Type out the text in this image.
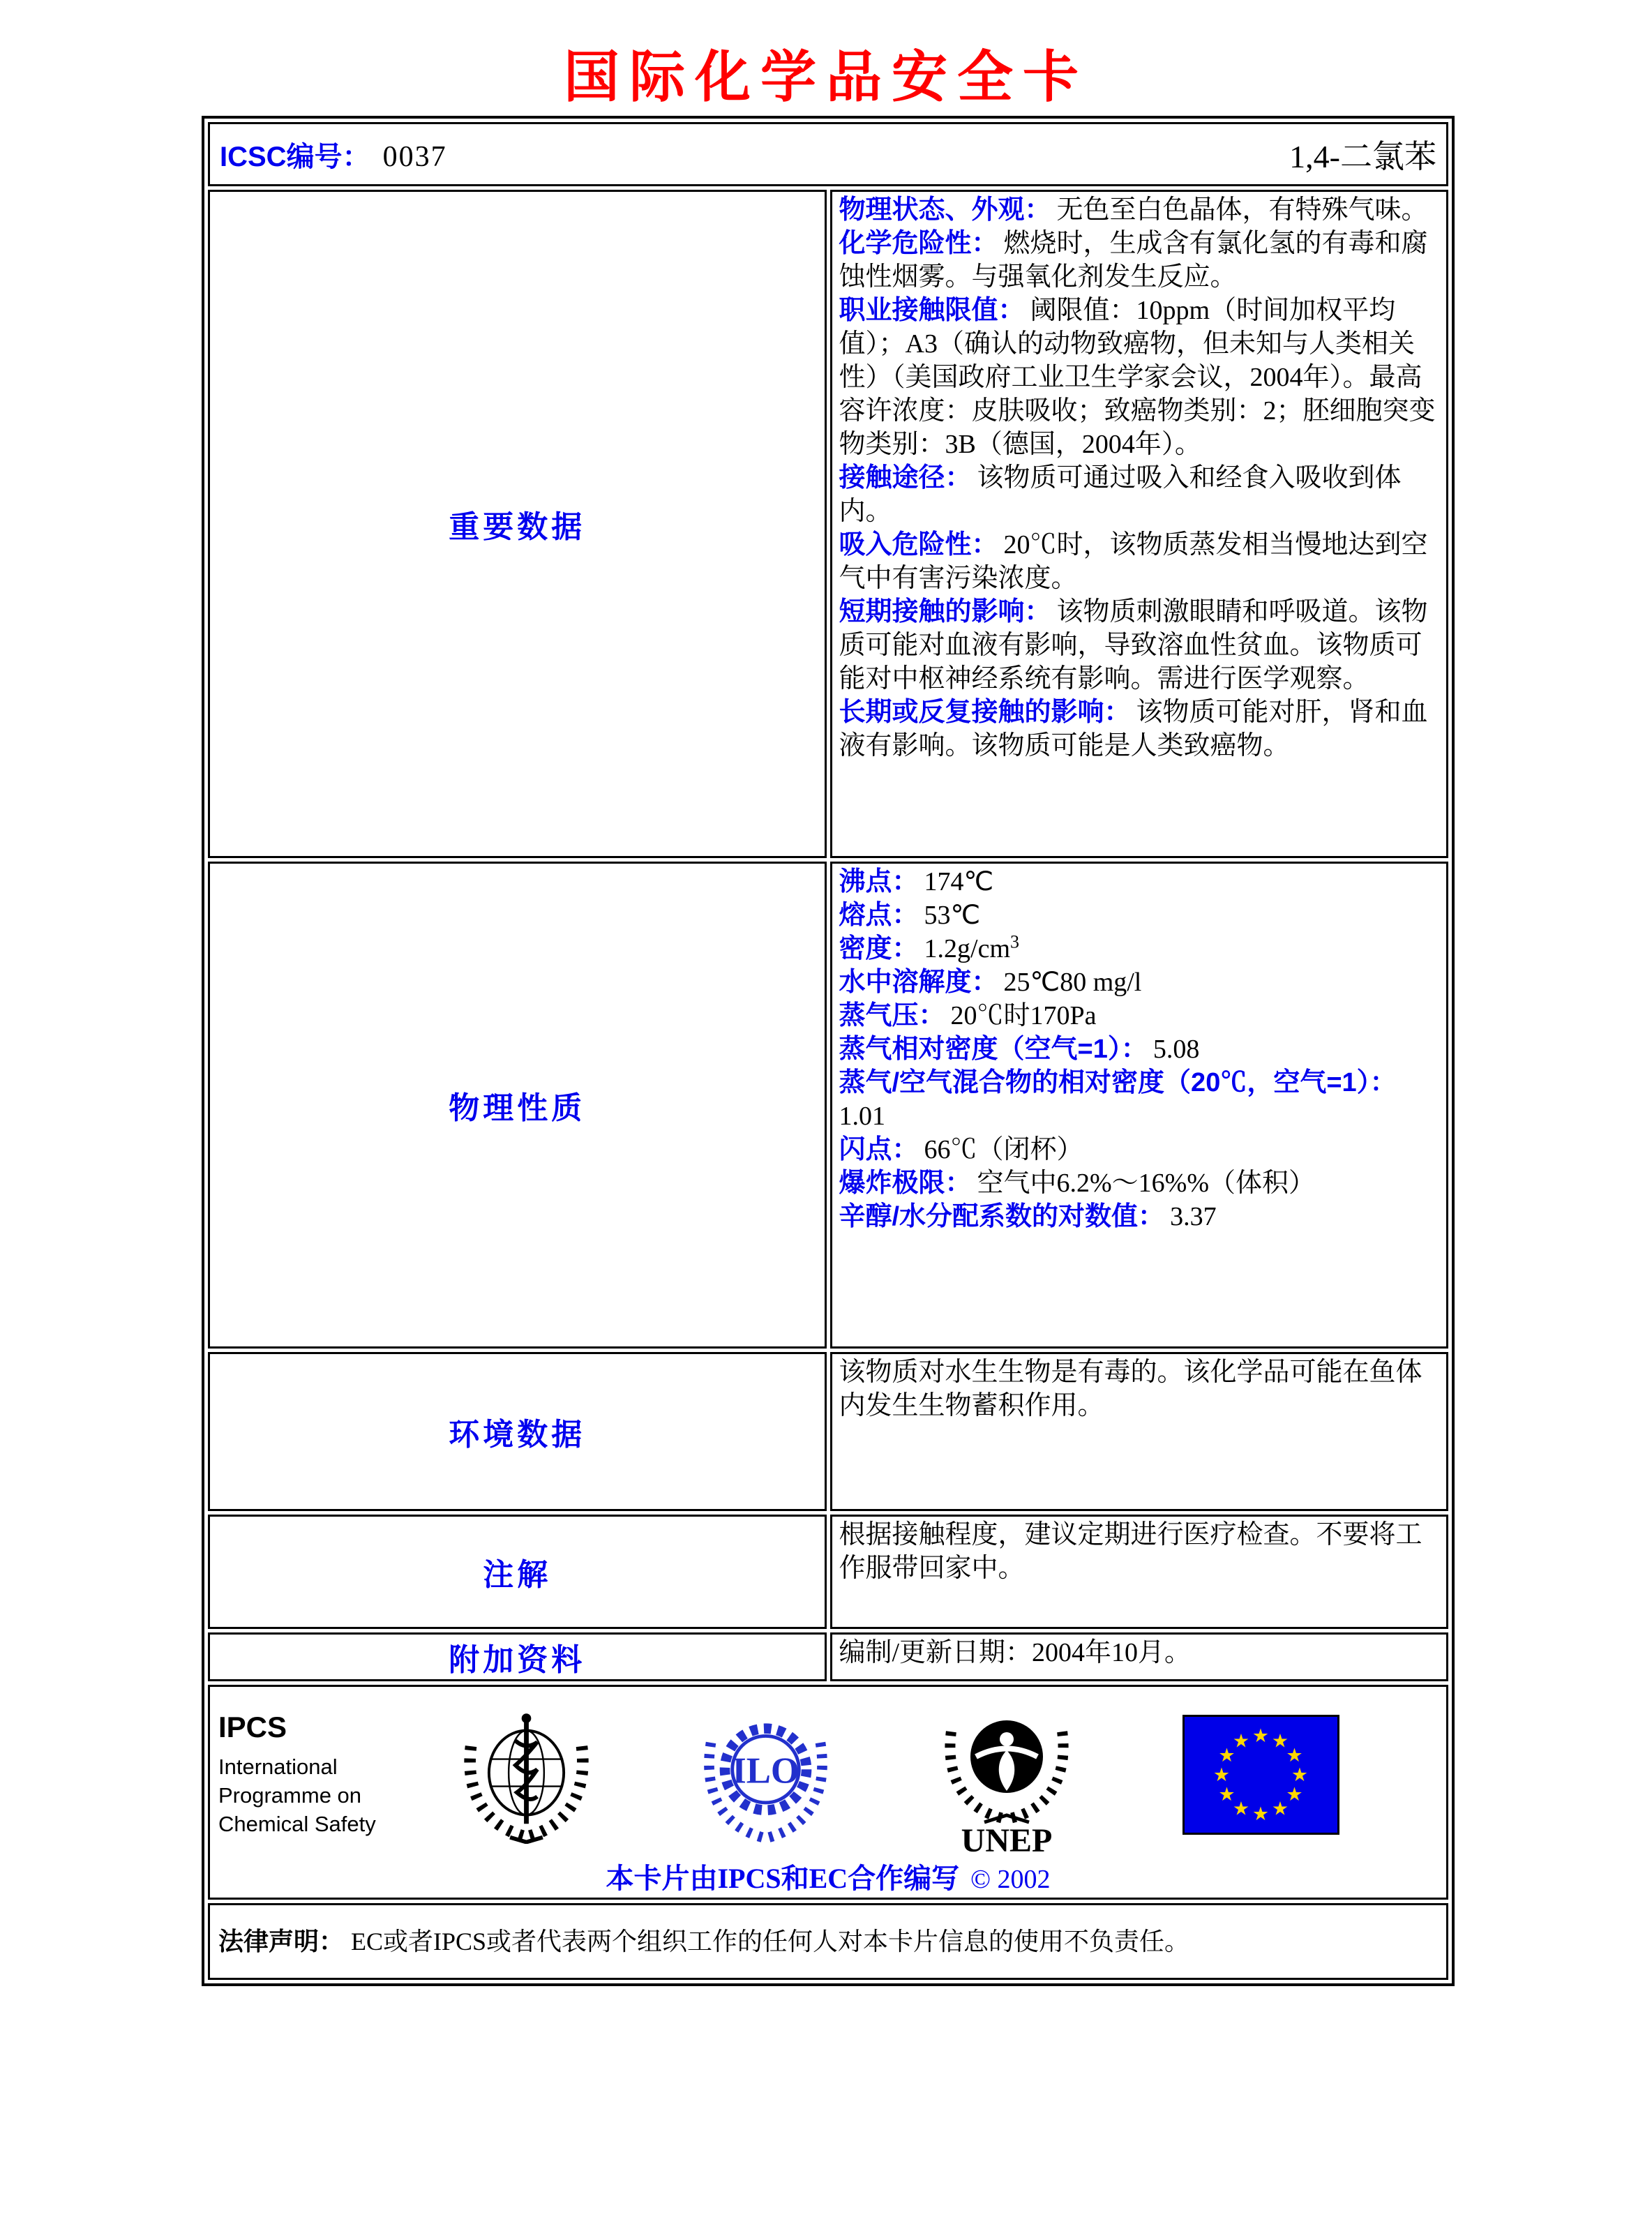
国际化学品安全卡
ICSC编号： 0037 1,4-二氯苯	

重要数据	
物理状态、外观： 无色至白色晶体，有特殊气味。
化学危险性： 燃烧时，生成含有氯化氢的有毒和腐蚀性烟雾。与强氧化剂发生反应。
职业接触限值： 阈限值：10ppm（时间加权平均值）；A3（确认的动物致癌物，但未知与人类相关性）（美国政府工业卫生学家会议，2004年）。最高容许浓度：皮肤吸收；致癌物类别：2；胚细胞突变物类别：3B（德国，2004年）。
接触途径： 该物质可通过吸入和经食入吸收到体内。
吸入危险性： 20℃时，该物质蒸发相当慢地达到空气中有害污染浓度。
短期接触的影响： 该物质刺激眼睛和呼吸道。该物质可能对血液有影响，导致溶血性贫血。该物质可能对中枢神经系统有影响。需进行医学观察。
长期或反复接触的影响： 该物质可能对肝，肾和血液有影响。该物质可能是人类致癌物。

物理性质	
沸点： 174℃
熔点： 53℃
密度： $1.2g/cm^3$
水中溶解度： 25℃80 mg/l
蒸气压： 20℃时170Pa
蒸气相对密度（空气=1）： 5.08
蒸气/空气混合物的相对密度（20℃，空气=1）：1.01
闪点： 66℃（闭杯）
爆炸极限： 空气中6.2%～16%%（体积）
辛醇/水分配系数的对数值： 3.37

环境数据	该物质对水生生物是有毒的。该化学品可能在鱼体内发生生物蓄积作用。
注解	根据接触程度，建议定期进行医疗检查。不要将工作服带回家中。
附加资料	编制/更新日期：2004年10月。

IPCS
International
Programme on
Chemical Safety
ILO
UNEP
★ ★
★
★
★
★
★
★
★
★
★
★
本卡片由IPCS和EC合作编写 © 2002

法律声明： EC或者IPCS或者代表两个组织工作的任何人对本卡片信息的使用不负责任。	
